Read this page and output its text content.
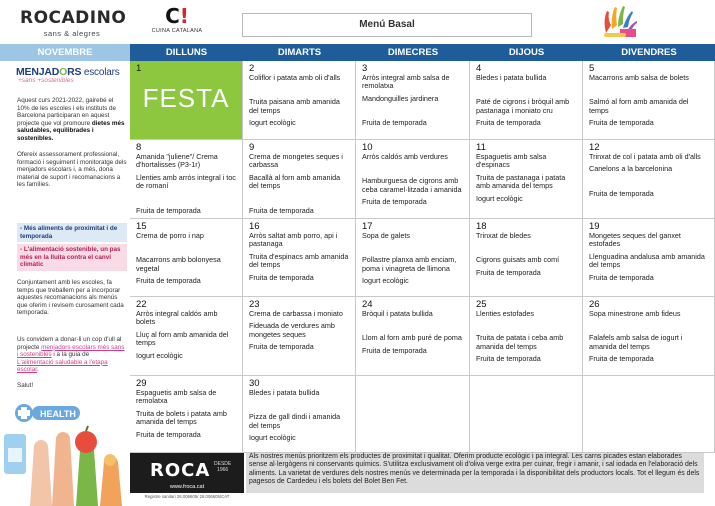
ROCADINO
sans & alegres
C!
CUINA CATALANA
Menú Basal
NOVEMBRE	DILLUNS	DIMARTS	DIMECRES	DIJOUS	DIVENDRES
MENJADORS escolars
+sans +sostenibles
Aquest curs 2021-2022, gairebé el 10% de les escoles i els instituts de Barcelona participaran en aquest projecte que vol promoure dietes més saludables, equilibrades i sostenibles.
Ofereix assessorament professional, formació i seguiment i monitoratge dels menjadors escolars i, a més, dona material de suport i recomanacions a les famílies.
- Més aliments de proximitat i de temporada
- L'alimentació sostenible, un pas més en la lluita contra el canvi climàtic
Conjuntament amb les escoles, fa temps que treballem per a incorporar aquestes recomanacions als menús que oferim i revisem curosament cada temporada.
Us convidem a donar-li un cop d'ull al projecte menjadors escolars més sans i sostenibles i a la guia de L'alimentació saludable a l'etapa escolar.
Salut!
HEALTH
1
FESTA
2
Coliflor i patata amb oli d'alls
Truita paisana amb amanida del temps
Iogurt ecològic
3
Arròs integral amb salsa de remolatxa
Mandonguilles jardinera
Fruita de temporada
4
Bledes i patata bullida
Paté de cigrons i bròquil amb pastanaga i moniato cru
Fruita de temporada
5
Macarrons amb salsa de bolets
Salmó al forn amb amanida del temps
Fruita de temporada
8
Amanida "juliene"/ Crema d'hortalisses (P3-1r)
Llenties amb arròs integral i toc de romaní
Fruita de temporada
9
Crema de mongetes seques i carbassa
Bacallà al forn amb amanida del temps
Fruita de temporada
10
Arròs caldós amb verdures
Hamburguesa de cigrons amb ceba caramel·litzada i amanida
Fruita de temporada
11
Espaguetis amb salsa d'espinacs
Truita de pastanaga i patata amb amanida del temps
Iogurt ecològic
12
Trinxat de col i patata amb oli d'alls
Canelons a la barcelonina
Fruita de temporada
15
Crema de porro i nap
Macarrons amb bolonyesa vegetal
Fruita de temporada
16
Arròs saltat amb porro, api i pastanaga
Truita d'espinacs amb amanida del temps
Fruita de temporada
17
Sopa de galets
Pollastre planxa amb enciam, poma i vinagreta de llimona
Iogurt ecològic
18
Trinxat de bledes
Cigrons guisats amb comí
Fruita de temporada
19
Mongetes seques del ganxet estofades
Llenguadina andalusa amb amanida del temps
Fruita de temporada
22
Arròs integral caldós amb bolets
Lluç al forn amb amanida del temps
Iogurt ecològic
23
Crema de carbassa i moniato
Fideuada de verdures amb mongetes seques
Fruita de temporada
24
Bròquil i patata bullida
Llom al forn amb puré de poma
Fruita de temporada
25
Llenties estofades
Truita de patata i ceba amb amanida del temps
Fruita de temporada
26
Sopa minestrone amb fideus
Falafels amb salsa de iogurt i amanida del temps
Fruita de temporada
29
Espaguetis amb salsa de remolatxa
Truita de bolets i patata amb amanida del temps
Fruita de temporada
30
Bledes i patata bullida
Pizza de gall dindi i amanida del temps
Iogurt ecològic
ROCA DESDE
1966
www.froca.cat
Registre sanitari 26.006605/ 26.006605/CAT
Als nostres menús prioritzem els productes de proximitat i qualitat. Oferim producte ecològic i pa integral. Les carns picades estan elaborades sense al·lergògens ni conservants químics. S'utilitza exclusivament oli d'oliva verge extra per cuinar, fregir i amanir, i sal iodada en l'elaboració dels aliments. La varietat de verdures dels nostres menús ve determinada per la temporada i la disponibilitat dels productors locals. Tot el llegum és dels pagesos de Cardedeu i els bolets del Bolet Ben Fet.
